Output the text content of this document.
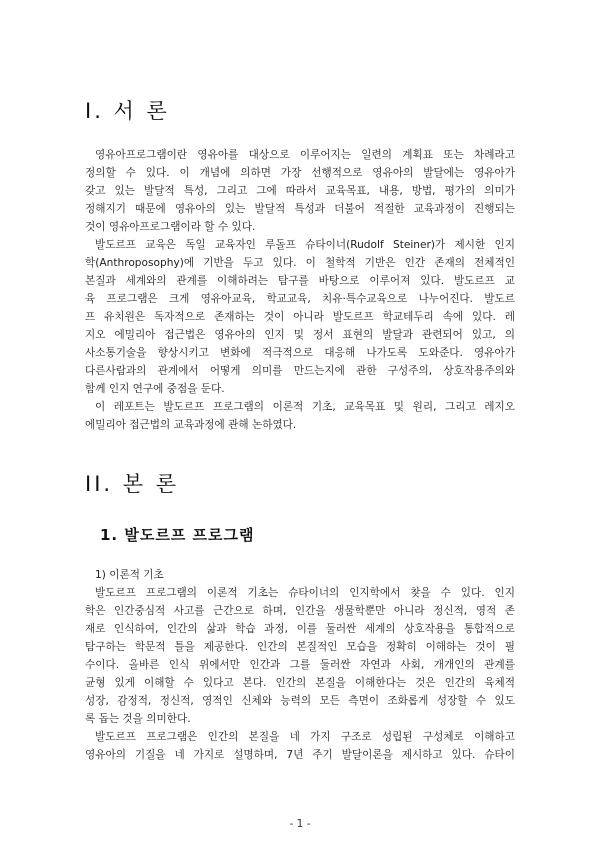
I. 서 론
영유아프로그램이란 영유아를 대상으로 이루어지는 일련의 계획표 또는 차례라고
정의할 수 있다. 이 개념에 의하면 가장 선행적으로 영유아의 발달에는 영유아가
갖고 있는 발달적 특성, 그리고 그에 따라서 교육목표, 내용, 방법, 평가의 의미가
정해지기 때문에 영유아의 있는 발달적 특성과 더불어 적절한 교육과정이 진행되는
것이 영유아프로그램이라 할 수 있다.
발도르프 교육은 독일 교육자인 루돌프 슈타이너(Rudolf Steiner)가 제시한 인지
학(Anthroposophy)에 기반을 두고 있다. 이 철학적 기반은 인간 존재의 전체적인
본질과 세계와의 관계를 이해하려는 탐구를 바탕으로 이루어져 있다. 발도르프 교
육 프로그램은 크게 영유아교육, 학교교육, 치유·특수교육으로 나누어진다. 발도르
프 유치원은 독자적으로 존재하는 것이 아니라 발도르프 학교테두리 속에 있다. 레
지오 에밀리아 접근법은 영유아의 인지 및 정서 표현의 발달과 관련되어 있고, 의
사소통기술을 향상시키고 변화에 적극적으로 대응해 나가도록 도와준다. 영유아가
다른사람과의 관계에서 어떻게 의미를 만드는지에 관한 구성주의, 상호작용주의와
함께 인지 연구에 중점을 둔다.
이 레포트는 발도르프 프로그램의 이론적 기초, 교육목표 및 원리, 그리고 레지오
에밀리아 접근법의 교육과정에 관해 논하였다.
II. 본 론
1. 발도르프 프로그램
1) 이론적 기초
발도르프 프로그램의 이론적 기초는 슈타이너의 인지학에서 찾을 수 있다. 인지
학은 인간중심적 사고를 근간으로 하며, 인간을 생물학뿐만 아니라 정신적, 영적 존
재로 인식하여, 인간의 삶과 학습 과정, 이를 둘러싼 세계의 상호작용을 통합적으로
탐구하는 학문적 틀을 제공한다. 인간의 본질적인 모습을 정확히 이해하는 것이 필
수이다. 올바른 인식 위에서만 인간과 그를 둘러싼 자연과 사회, 개개인의 관계를
균형 있게 이해할 수 있다고 본다. 인간의 본질을 이해한다는 것은 인간의 육체적
성장, 감정적, 정신적, 영적인 신체와 능력의 모든 측면이 조화롭게 성장할 수 있도
록 돕는 것을 의미한다.
발도르프 프로그램은 인간의 본질을 네 가지 구조로 성립된 구성체로 이해하고
영유아의 기질을 네 가지로 설명하며, 7년 주기 발달이론을 제시하고 있다. 슈타이
- 1 -
